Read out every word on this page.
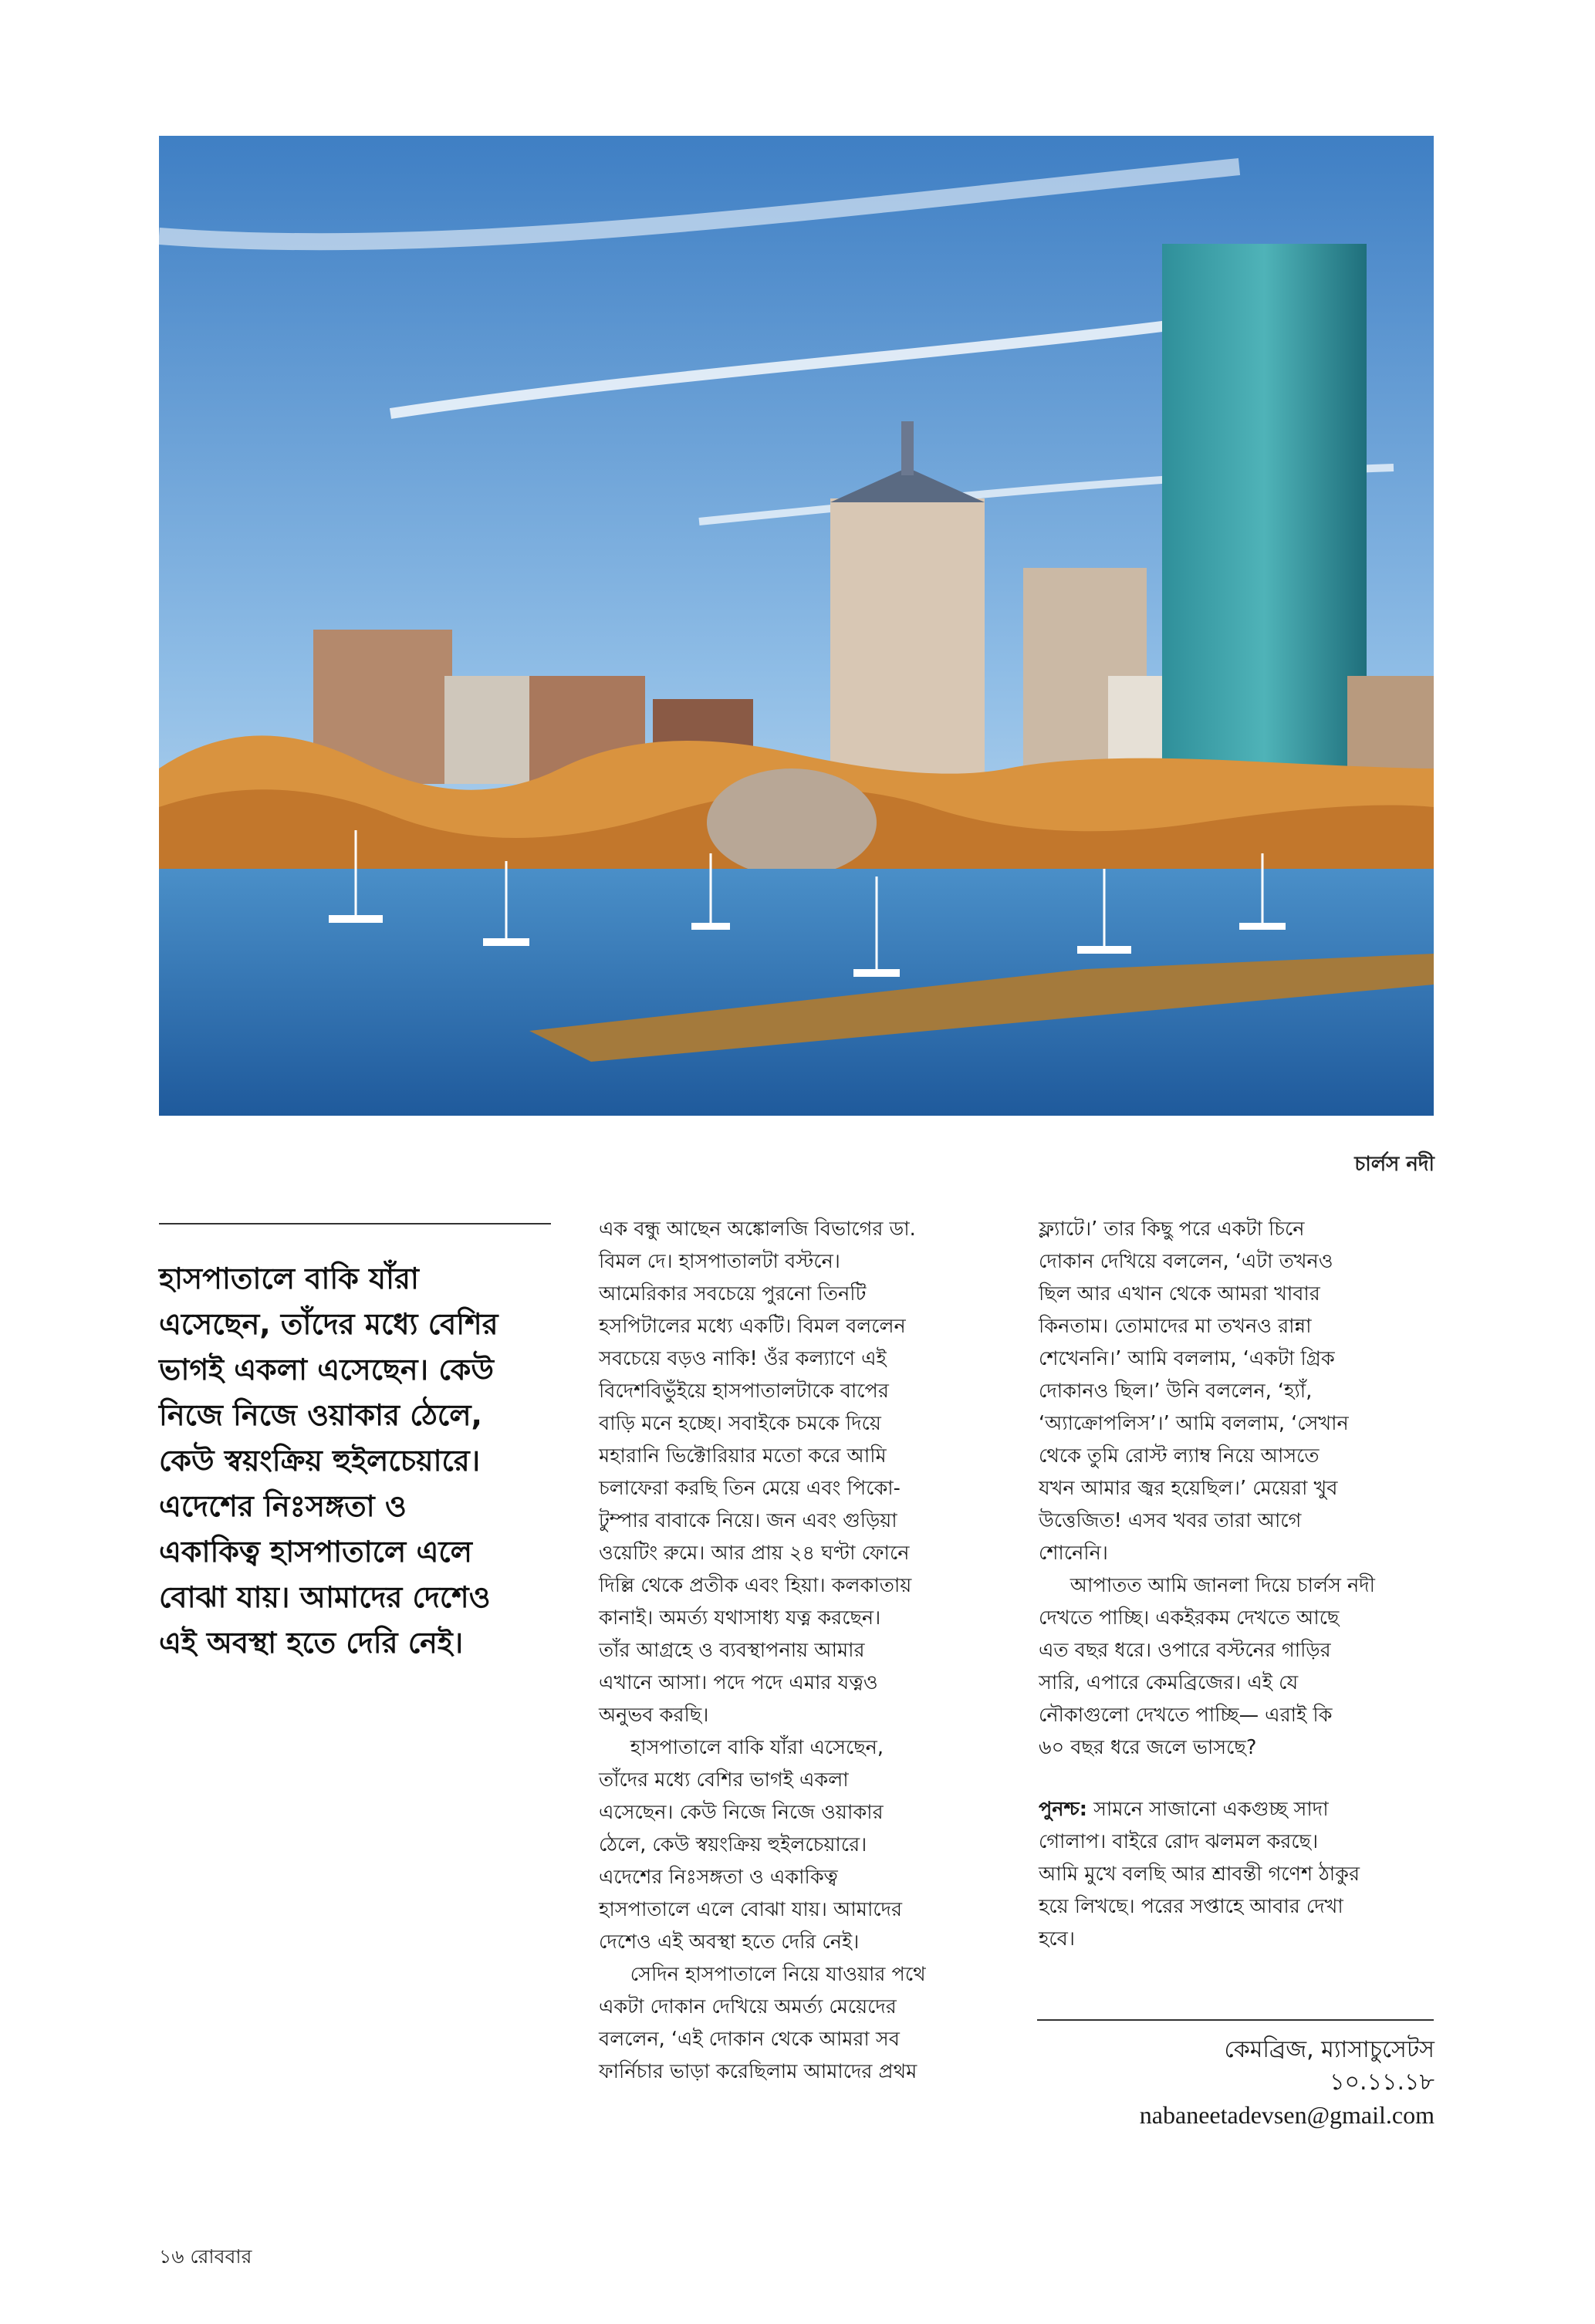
চার্লস নদী

হাসপাতালে বাকি যাঁরা
এসেছেন, তাঁদের মধ্যে বেশির
ভাগই একলা এসেছেন। কেউ
নিজে নিজে ওয়াকার ঠেলে,
কেউ স্বয়ংক্রিয় হুইলচেয়ারে।
এদেশের নিঃসঙ্গতা ও
একাকিত্ব হাসপাতালে এলে
বোঝা যায়। আমাদের দেশেও
এই অবস্থা হতে দেরি নেই।

এক বন্ধু আছেন অঙ্কোলজি বিভাগের ডা.
বিমল দে। হাসপাতালটা বস্টনে।
আমেরিকার সবচেয়ে পুরনো তিনটি
হসপিটালের মধ্যে একটি। বিমল বললেন
সবচেয়ে বড়ও নাকি! ওঁর কল্যাণে এই
বিদেশবিভুঁইয়ে হাসপাতালটাকে বাপের
বাড়ি মনে হচ্ছে। সবাইকে চমকে দিয়ে
মহারানি ভিক্টোরিয়ার মতো করে আমি
চলাফেরা করছি তিন মেয়ে এবং পিকো-
টুম্পার বাবাকে নিয়ে। জন এবং গুড়িয়া
ওয়েটিং রুমে। আর প্রায় ২৪ ঘণ্টা ফোনে
দিল্লি থেকে প্রতীক এবং হিয়া। কলকাতায়
কানাই। অমর্ত্য যথাসাধ্য যত্ন করছেন।
তাঁর আগ্রহে ও ব্যবস্থাপনায় আমার
এখানে আসা। পদে পদে এমার যত্নও
অনুভব করছি।

হাসপাতালে বাকি যাঁরা এসেছেন,
তাঁদের মধ্যে বেশির ভাগই একলা
এসেছেন। কেউ নিজে নিজে ওয়াকার
ঠেলে, কেউ স্বয়ংক্রিয় হুইলচেয়ারে।
এদেশের নিঃসঙ্গতা ও একাকিত্ব
হাসপাতালে এলে বোঝা যায়। আমাদের
দেশেও এই অবস্থা হতে দেরি নেই।

সেদিন হাসপাতালে নিয়ে যাওয়ার পথে
একটা দোকান দেখিয়ে অমর্ত্য মেয়েদের
বললেন, ‘এই দোকান থেকে আমরা সব
ফার্নিচার ভাড়া করেছিলাম আমাদের প্রথম

ফ্ল্যাটে।’ তার কিছু পরে একটা চিনে
দোকান দেখিয়ে বললেন, ‘এটা তখনও
ছিল আর এখান থেকে আমরা খাবার
কিনতাম। তোমাদের মা তখনও রান্না
শেখেননি।’ আমি বললাম, ‘একটা গ্রিক
দোকানও ছিল।’ উনি বললেন, ‘হ্যাঁ,
‘অ্যাক্রোপলিস’।’ আমি বললাম, ‘সেখান
থেকে তুমি রোস্ট ল্যাম্ব নিয়ে আসতে
যখন আমার জ্বর হয়েছিল।’ মেয়েরা খুব
উত্তেজিত! এসব খবর তারা আগে
শোনেনি।

আপাতত আমি জানলা দিয়ে চার্লস নদী
দেখতে পাচ্ছি। একইরকম দেখতে আছে
এত বছর ধরে। ওপারে বস্টনের গাড়ির
সারি, এপারে কেমব্রিজের। এই যে
নৌকাগুলো দেখতে পাচ্ছি— এরাই কি
৬০ বছর ধরে জলে ভাসছে?

পুনশ্চ: সামনে সাজানো একগুচ্ছ সাদা
গোলাপ। বাইরে রোদ ঝলমল করছে।
আমি মুখে বলছি আর শ্রাবন্তী গণেশ ঠাকুর
হয়ে লিখছে। পরের সপ্তাহে আবার দেখা
হবে।

কেমব্রিজ, ম্যাসাচুসেটস
১০.১১.১৮
nabaneetadevsen@gmail.com
১৬ রোববার
